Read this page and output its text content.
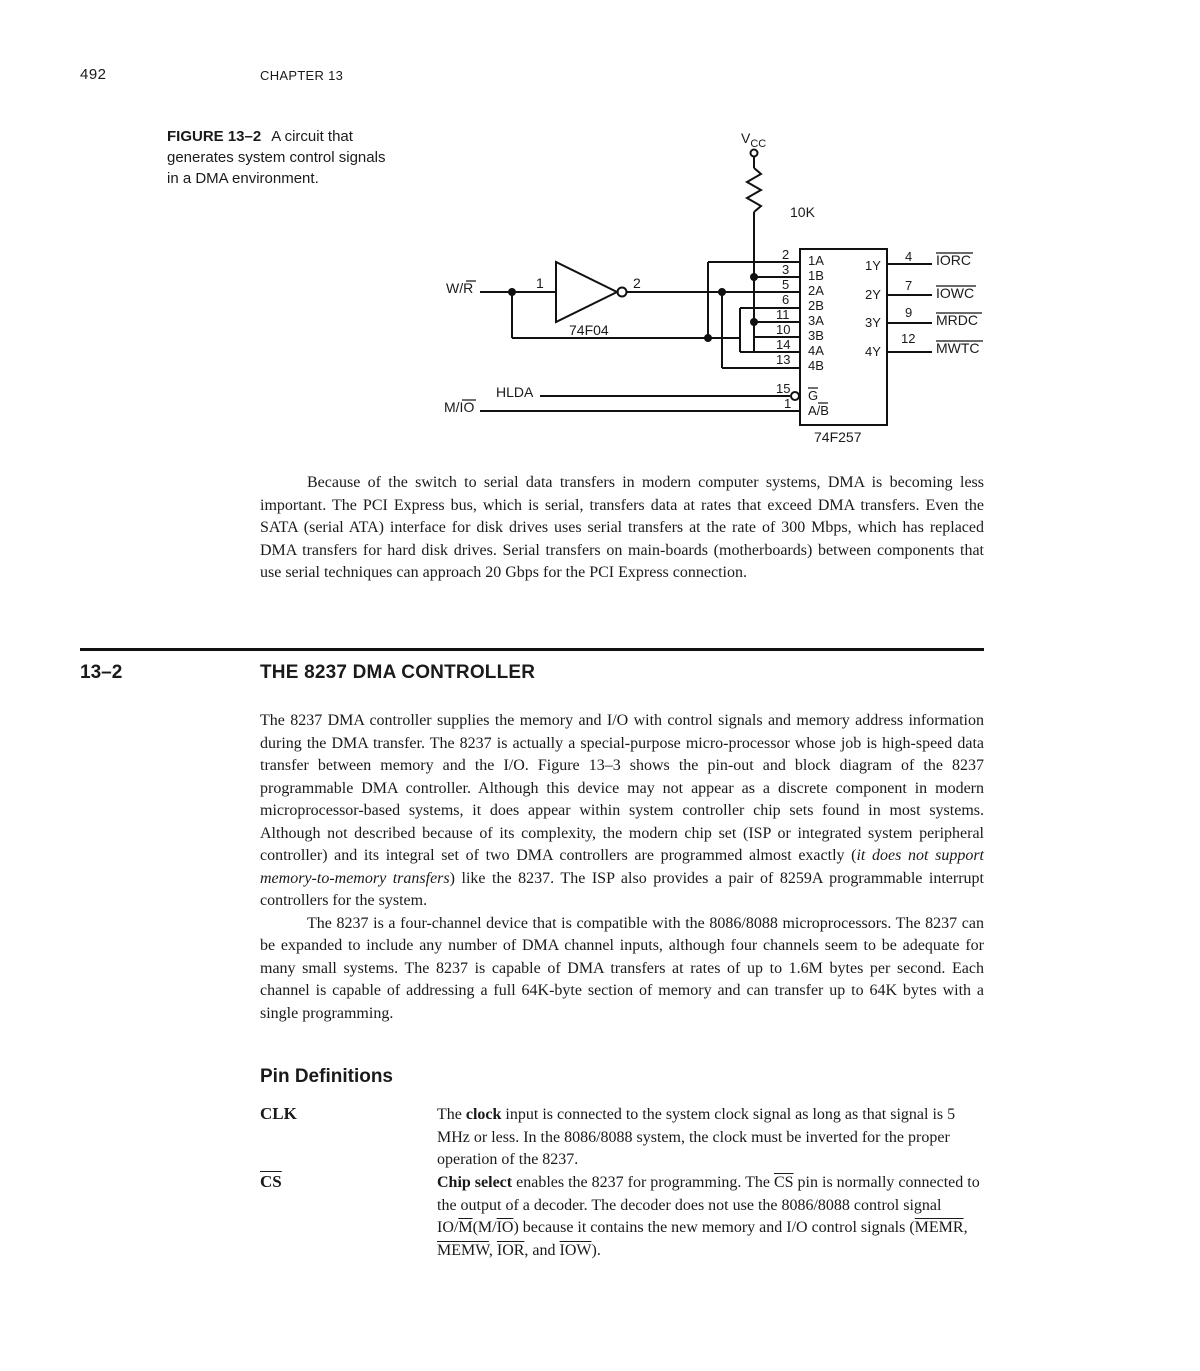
492	CHAPTER 13
FIGURE 13–2 A circuit that generates system control signals in a DMA environment.
$V_{CC}$
10K
74F04
74F257
W/R
M/IO
HLDA
1	2
2
3
5
6
11
10
14
13
15
1
1A
1B
2A
2B
3A
3B
4A
4B
G
A/B
1Y
2Y
3Y
4Y
4
7
9
12
IORC
IOWC
MRDC
MWTC

Because of the switch to serial data transfers in modern computer systems, DMA is becoming less important. The PCI Express bus, which is serial, transfers data at rates that exceed DMA transfers. Even the SATA (serial ATA) interface for disk drives uses serial transfers at the rate of 300 Mbps, which has replaced DMA transfers for hard disk drives. Serial transfers on main-boards (motherboards) between components that use serial techniques can approach 20 Gbps for the PCI Express connection.

13–2	THE 8237 DMA CONTROLLER

The 8237 DMA controller supplies the memory and I/O with control signals and memory address information during the DMA transfer. The 8237 is actually a special-purpose micro-processor whose job is high-speed data transfer between memory and the I/O. Figure 13–3 shows the pin-out and block diagram of the 8237 programmable DMA controller. Although this device may not appear as a discrete component in modern microprocessor-based systems, it does appear within system controller chip sets found in most systems. Although not described because of its complexity, the modern chip set (ISP or integrated system peripheral controller) and its integral set of two DMA controllers are programmed almost exactly (it does not support memory-to-memory transfers) like the 8237. The ISP also provides a pair of 8259A programmable interrupt controllers for the system.

The 8237 is a four-channel device that is compatible with the 8086/8088 microprocessors. The 8237 can be expanded to include any number of DMA channel inputs, although four channels seem to be adequate for many small systems. The 8237 is capable of DMA transfers at rates of up to 1.6M bytes per second. Each channel is capable of addressing a full 64K-byte section of memory and can transfer up to 64K bytes with a single programming.

Pin Definitions
CLK	The clock input is connected to the system clock signal as long as that signal is 5 MHz or less. In the 8086/8088 system, the clock must be inverted for the proper operation of the 8237.

$\overline{CS}$	Chip select enables the 8237 for programming. The $\overline{CS}$ pin is normally connected to the output of a decoder. The decoder does not use the 8086/8088 control signal $IO/\overline{M}(M/\overline{IO})$ because it contains the new memory and I/O control signals (MEMR, MEMW, $\overline{IOR}$, and $\overline{IOW}$).
